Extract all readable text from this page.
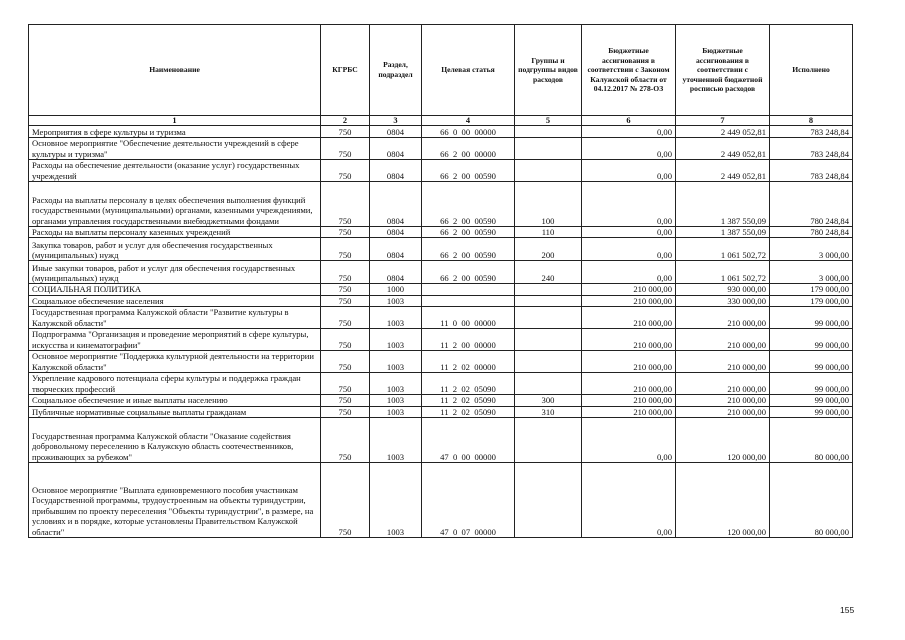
Наименование	КГРБС	Раздел, подраздел	Целевая статья	Группы и подгруппы видов расходов	Бюджетные ассигнования в соответствии с Законом Калужской области от 04.12.2017 № 278-ОЗ	Бюджетные ассигнования в соответствии с уточненной бюджетной росписью расходов	Исполнено
1	2	3	4	5	6	7	8
Мероприятия в сфере культуры и туризма	750	0804	66  0  00  00000		0,00	2 449 052,81	783 248,84
Основное мероприятие "Обеспечение деятельности учреждений в сфере культуры и туризма"	750	0804	66  2  00  00000		0,00	2 449 052,81	783 248,84
Расходы на обеспечение деятельности (оказание услуг) государственных учреждений	750	0804	66  2  00  00590		0,00	2 449 052,81	783 248,84
Расходы на выплаты персоналу в целях обеспечения выполнения функций государственными (муниципальными) органами, казенными учреждениями, органами управления государственными внебюджетными фондами	750	0804	66  2  00  00590	100	0,00	1 387 550,09	780 248,84
Расходы на выплаты персоналу казенных учреждений	750	0804	66  2  00  00590	110	0,00	1 387 550,09	780 248,84
Закупка товаров, работ и услуг для обеспечения государственных (муниципальных) нужд	750	0804	66  2  00  00590	200	0,00	1 061 502,72	3 000,00
Иные закупки товаров, работ и услуг для обеспечения государственных (муниципальных) нужд	750	0804	66  2  00  00590	240	0,00	1 061 502,72	3 000,00
СОЦИАЛЬНАЯ ПОЛИТИКА	750	1000			210 000,00	930 000,00	179 000,00
Социальное обеспечение населения	750	1003			210 000,00	330 000,00	179 000,00
Государственная программа Калужской области "Развитие культуры в Калужской области"	750	1003	11  0  00  00000		210 000,00	210 000,00	99 000,00
Подпрограмма "Организация и проведение мероприятий в сфере культуры, искусства и кинематографии"	750	1003	11  2  00  00000		210 000,00	210 000,00	99 000,00
Основное мероприятие "Поддержка культурной деятельности на территории Калужской области"	750	1003	11  2  02  00000		210 000,00	210 000,00	99 000,00
Укрепление кадрового потенциала сферы культуры и поддержка граждан творческих профессий	750	1003	11  2  02  05090		210 000,00	210 000,00	99 000,00
Социальное обеспечение и иные выплаты населению	750	1003	11  2  02  05090	300	210 000,00	210 000,00	99 000,00
Публичные нормативные социальные выплаты гражданам	750	1003	11  2  02  05090	310	210 000,00	210 000,00	99 000,00
Государственная программа Калужской области "Оказание содействия добровольному переселению в Калужскую область соотечественников, проживающих за рубежом"	750	1003	47  0  00  00000		0,00	120 000,00	80 000,00
Основное мероприятие "Выплата единовременного пособия участникам Государственной программы, трудоустроенным на объекты туриндустрии, прибывшим по проекту переселения "Объекты туриндустрии", в размере, на условиях и в порядке, которые установлены Правительством Калужской области"	750	1003	47  0  07  00000		0,00	120 000,00	80 000,00
155
